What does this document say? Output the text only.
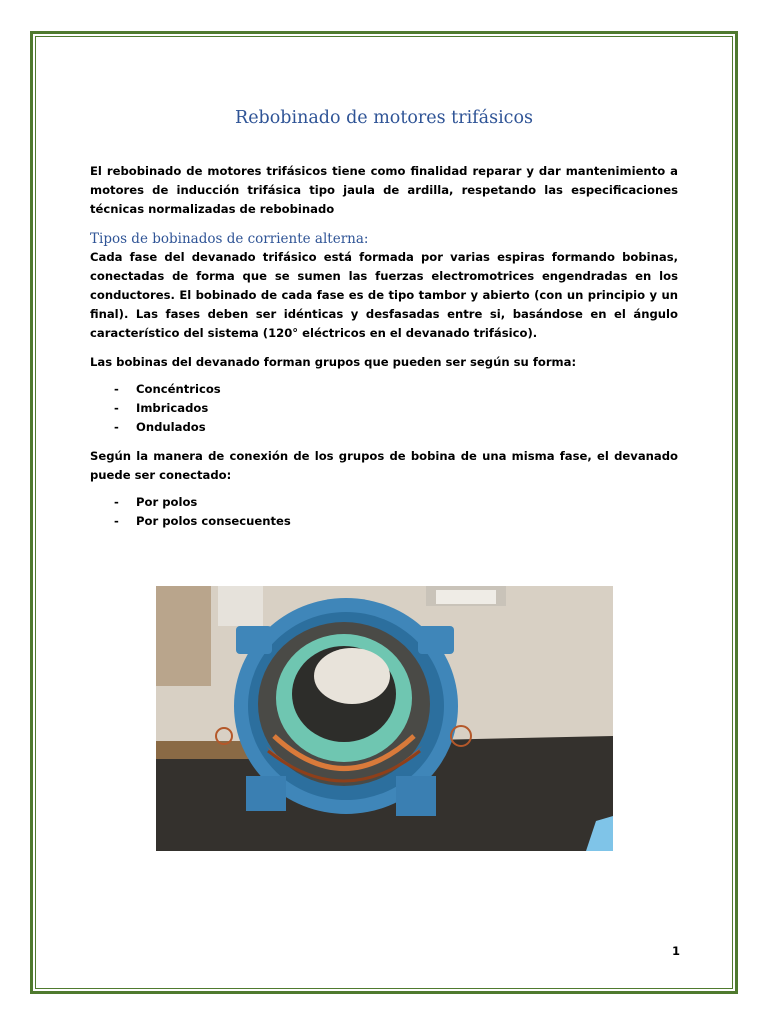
Rebobinado de motores trifásicos

El rebobinado de motores trifásicos tiene como finalidad reparar y dar mantenimiento a motores de inducción trifásica tipo jaula de ardilla, respetando las especificaciones técnicas normalizadas de rebobinado

Tipos de bobinados de corriente alterna:

Cada fase del devanado trifásico está formada por varias espiras formando bobinas, conectadas de forma que se sumen las fuerzas electromotrices engendradas en los conductores. El bobinado de cada fase es de tipo tambor y abierto (con un principio y un final). Las fases deben ser idénticas y desfasadas entre si, basándose en el ángulo característico del sistema (120° eléctricos en el devanado trifásico).

Las bobinas del devanado forman grupos que pueden ser según su forma:

- Concéntricos
- Imbricados
- Ondulados

Según la manera de conexión de los grupos de bobina de una misma fase, el devanado puede ser conectado:

- Por polos
- Por polos consecuentes
1
